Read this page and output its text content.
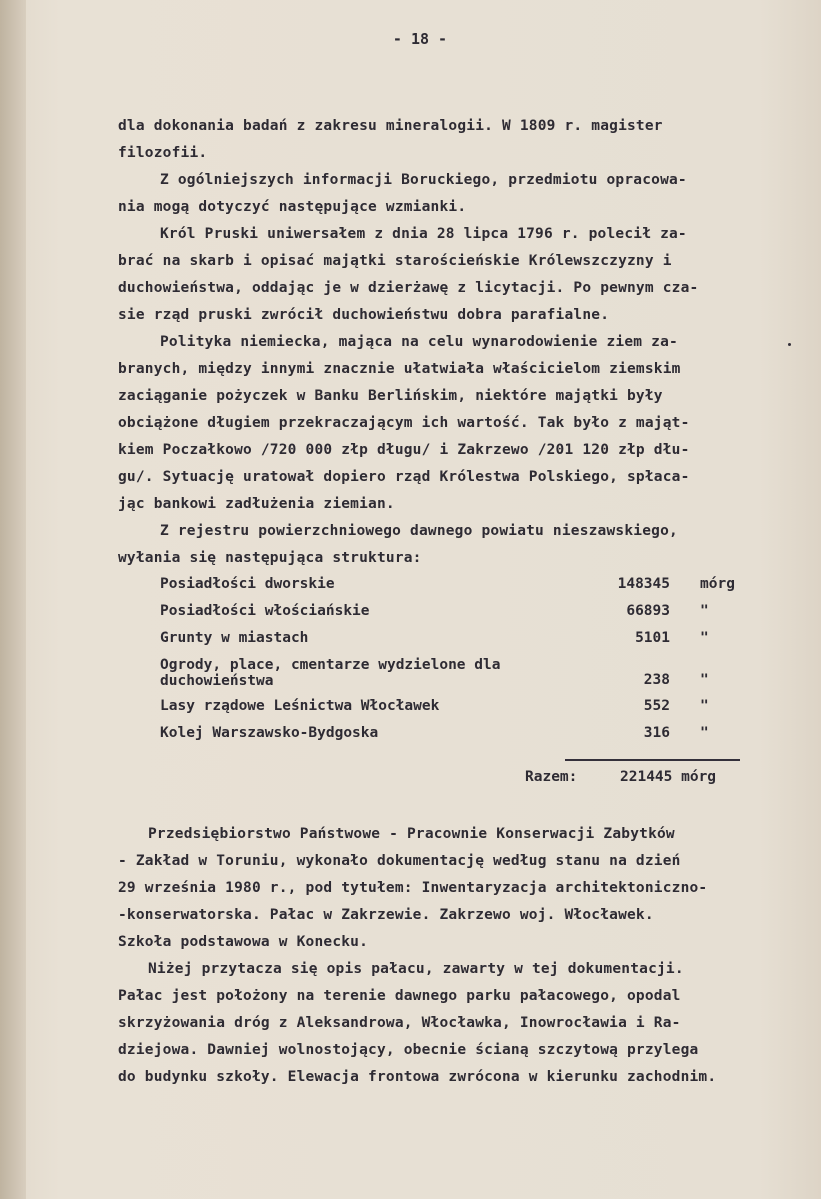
- 18 -
dla dokonania badań z zakresu mineralogii. W 1809 r. magister
filozofii.
Z ogólniejszych informacji Boruckiego, przedmiotu opracowa-
nia mogą dotyczyć następujące wzmianki.
Król Pruski uniwersałem z dnia 28 lipca 1796 r. polecił za-
brać na skarb i opisać majątki starościeńskie Królewszczyzny i
duchowieństwa, oddając je w dzierżawę z licytacji. Po pewnym cza-
sie rząd pruski zwrócił duchowieństwu dobra parafialne.
Polityka niemiecka, mająca na celu wynarodowienie ziem za-
branych, między innymi znacznie ułatwiała właścicielom ziemskim
zaciąganie pożyczek w Banku Berlińskim, niektóre majątki były
obciążone długiem przekraczającym ich wartość. Tak było z mająt-
kiem Poczałkowo /720 000 złp długu/ i Zakrzewo /201 120 złp dłu-
gu/. Sytuację uratował dopiero rząd Królestwa Polskiego, spłaca-
jąc bankowi zadłużenia ziemian.
Z rejestru powierzchniowego dawnego powiatu nieszawskiego,
wyłania się następująca struktura:
Posiadłości dworskie	148345 mórg
Posiadłości włościańskie	66893 "
Grunty w miastach	5101 "
Ogrody, place, cmentarze wydzielone dla
duchowieństwa	238 "
Lasy rządowe Leśnictwa Włocławek	552 "
Kolej Warszawsko-Bydgoska	316 "
Razem:	221445 mórg
Przedsiębiorstwo Państwowe - Pracownie Konserwacji Zabytków
- Zakład w Toruniu, wykonało dokumentację według stanu na dzień
29 września 1980 r., pod tytułem: Inwentaryzacja architektoniczno-
-konserwatorska. Pałac w Zakrzewie. Zakrzewo woj. Włocławek.
Szkoła podstawowa w Konecku.
Niżej przytacza się opis pałacu, zawarty w tej dokumentacji.
Pałac jest położony na terenie dawnego parku pałacowego, opodal
skrzyżowania dróg z Aleksandrowa, Włocławka, Inowrocławia i Ra-
dziejowa. Dawniej wolnostojący, obecnie ścianą szczytową przylega
do budynku szkoły. Elewacja frontowa zwrócona w kierunku zachodnim.
